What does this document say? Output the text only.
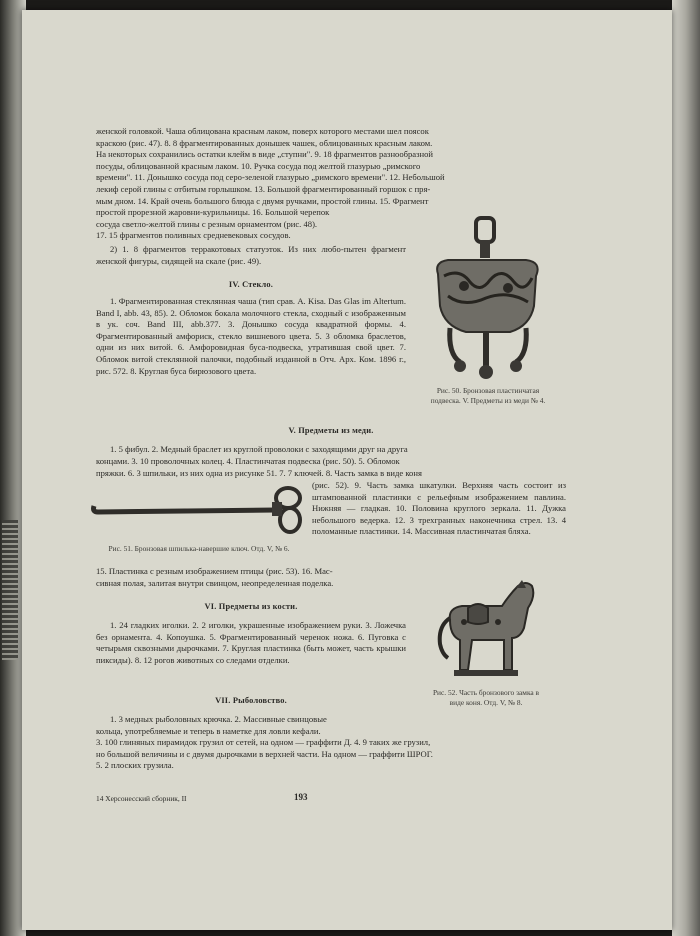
женской головкой. Чаша облицована красным лаком, поверх которого местами шел поясок

краскою (рис. 47). 8. 8 фрагментированных донышек чашек, облицованных красным лаком.

На некоторых сохранились остатки клейм в виде „ступни". 9. 18 фрагментов разнообразной

посуды, облицованной красным лаком. 10. Ручка сосуда под желтой глазурью „римского

времени". 11. Донышко сосуда под серо-зеленой глазурью „римского времени". 12. Небольшой

лекиф серой глины с отбитым горлышком. 13. Большой фрагментированный горшок с пря-

мым дном. 14. Край очень большого блюда с двумя ручками, простой глины. 15. Фрагмент

простой прорезной жаровни-курильницы. 16. Большой черепок

сосуда светло-желтой глины с резным орнаментом (рис. 48).

17. 15 фрагментов поливных средневековых сосудов.

2) 1. 8 фрагментов терракотовых статуэток. Из них любо-пытен фрагмент женской фигуры, сидящей на скале (рис. 49).
IV. Стекло.
1. Фрагментированная стеклянная чаша (тип срав. A. Kisa. Das Glas im Altertum. Band I, abb. 43, 85). 2. Обломок бокала молочного стекла, сходный с изображенным в ук. соч. Band III, abb.377. 3. Донышко сосуда квадратной формы. 4. Фрагментированный амфориск, стекло вишневого цвета. 5. 3 обломка браслетов, одни из них витой. 6. Амфоровидная буса-подвеска, утратившая свой цвет. 7. Обломок витой стеклянной палочки, подобный изданной в Отч. Арх. Ком. 1896 г., рис. 572. 8. Круглая буса бирюзового цвета.
Рис. 50. Бронзовая пластинчатая подвеска. V. Предметы из меди № 4.
V. Предметы из меди.

1. 5 фибул. 2. Медный браслет из круглой проволоки с заходящими друг на друга

концами. 3. 10 проволочных колец. 4. Пластинчатая подвеска (рис. 50). 5. Обломок

пряжки. 6. 3 шпильки, из них одна из рисунке 51. 7. 7 ключей. 8. Часть замка в виде коня

(рис. 52). 9. Часть замка шкатулки. Верхняя часть состоит из штампованной пластинки с рельефным изображением павлина. Нижняя — гладкая. 10. Половина круглого зеркала. 11. Дужка небольшого ведерка. 12. 3 трехгранных наконечника стрел. 13. 4 поломанные пластинки. 14. Массивная пластинчатая бляха.
Рис. 51. Бронзовая шпилька-навершие ключ. Отд. V, № 6.

15. Пластинка с резным изображением птицы (рис. 53). 16. Мас-

сивная полая, залитая внутри свинцом, неопределенная поделка.

VI. Предметы из кости.
1. 24 гладких иголки. 2. 2 иголки, украшенные изображением руки. 3. Ложечка без орнамента. 4. Копоушка. 5. Фрагментированный черенок ножа. 6. Пуговка с четырьмя сквозными дырочками. 7. Круглая пластинка (быть может, часть крышки пиксиды). 8. 12 рогов животных со следами отделки.
Рис. 52. Часть бронзового замка в виде коня. Отд. V, № 8.
VII. Рыболовство.

1. 3 медных рыболовных крючка. 2. Массивные свинцовые

кольца, употребляемые и теперь в наметке для ловли кефали.

3. 100 глиняных пирамидок грузил от сетей, на одном — граффити Д. 4. 9 таких же грузил,

но большой величины и с двумя дырочками в верхней части. На одном — граффити ШРОГ.

5. 2 плоских грузила.

14 Херсонесский сборник, II	193
